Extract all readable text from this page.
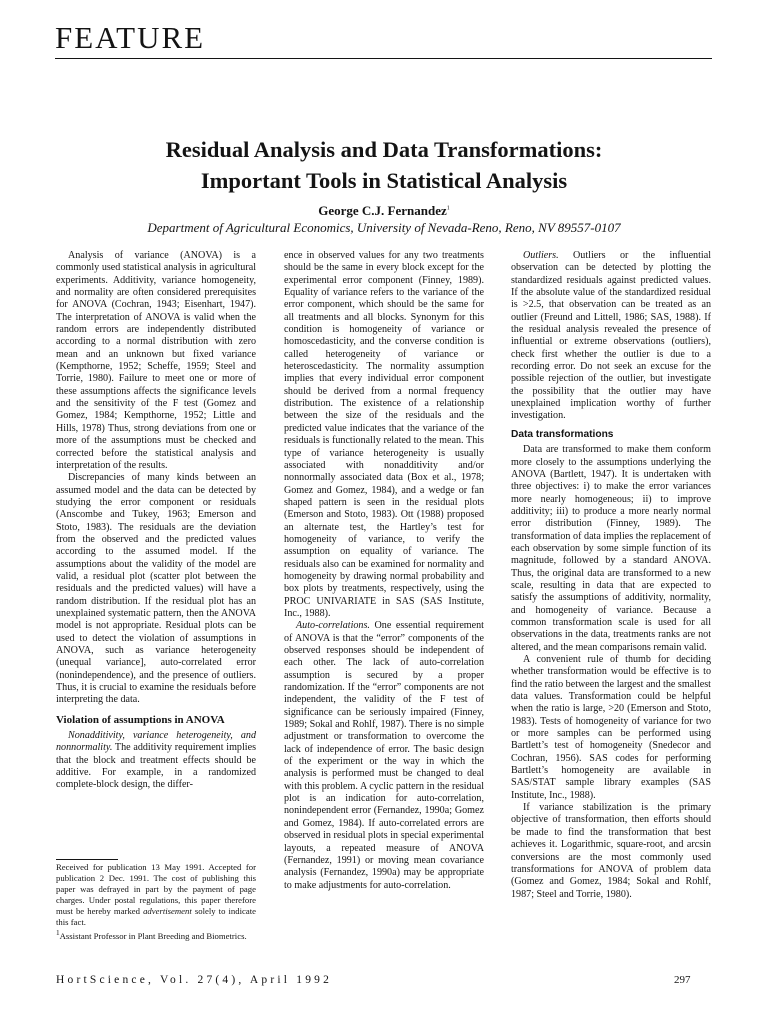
FEATURE
Residual Analysis and Data Transformations:
Important Tools in Statistical Analysis
George C.J. Fernandez$^1$
Department of Agricultural Economics, University of Nevada-Reno, Reno, NV 89557-0107

Analysis of variance (ANOVA) is a commonly used statistical analysis in agricultural experiments. Additivity, variance homogeneity, and normality are often considered prerequisites for ANOVA (Cochran, 1943; Eisenhart, 1947). The interpretation of ANOVA is valid when the random errors are independently distributed according to a normal distribution with zero mean and an unknown but fixed variance (Kempthorne, 1952; Scheffe, 1959; Steel and Torrie, 1980). Failure to meet one or more of these assumptions affects the significance levels and the sensitivity of the F test (Gomez and Gomez, 1984; Kempthorne, 1952; Little and Hills, 1978) Thus, strong deviations from one or more of the assumptions must be checked and corrected before the statistical analysis and interpretation of the results.

Discrepancies of many kinds between an assumed model and the data can be detected by studying the error component or residuals (Anscombe and Tukey, 1963; Emerson and Stoto, 1983). The residuals are the deviation from the observed and the predicted values according to the assumed model. If the assumptions about the validity of the model are valid, a residual plot (scatter plot between the residuals and the predicted values) will have a random distribution. If the residual plot has an unexplained systematic pattern, then the ANOVA model is not appropriate. Residual plots can be used to detect the violation of assumptions in ANOVA, such as variance heterogeneity (unequal variance], auto-correlated error (nonindependence), and the presence of outliers. Thus, it is crucial to examine the residuals before interpreting the data.

Violation of assumptions in ANOVA

Nonadditivity, variance heterogeneity, and nonnormality. The additivity requirement implies that the block and treatment effects should be additive. For example, in a randomized complete-block design, the differ-

ence in observed values for any two treatments should be the same in every block except for the experimental error component (Finney, 1989). Equality of variance refers to the variance of the error component, which should be the same for all treatments and all blocks. Synonym for this condition is homogeneity of variance or homoscedasticity, and the converse condition is called heterogeneity of variance or heteroscedasticity. The normality assumption implies that every individual error component should be derived from a normal frequency distribution. The existence of a relationship between the size of the residuals and the predicted value indicates that the variance of the residuals is functionally related to the mean. This type of variance heterogeneity is usually associated with nonadditivity and/or nonnormally associated data (Box et al., 1978; Gomez and Gomez, 1984), and a wedge or fan shaped pattern is seen in the residual plots (Emerson and Stoto, 1983). Ott (1988) proposed an alternate test, the Hartley’s test for homogeneity of variance, to verify the assumption on equality of variance. The residuals also can be examined for normality and homogeneity by drawing normal probability and box plots by treatments, respectively, using the PROC UNIVARIATE in SAS (SAS Institute, Inc., 1988).

Auto-correlations. One essential requirement of ANOVA is that the “error” components of the observed responses should be independent of each other. The lack of auto-correlation assumption is secured by a proper randomization. If the “error” components are not independent, the validity of the F test of significance can be seriously impaired (Finney, 1989; Sokal and Rohlf, 1987). There is no simple adjustment or transformation to overcome the lack of independence of error. The basic design of the experiment or the way in which the analysis is performed must be changed to deal with this problem. A cyclic pattern in the residual plot is an indication for auto-correlation, nonindependent error (Fernandez, 1990a; Gomez and Gomez, 1984). If auto-correlated errors are observed in residual plots in special experimental layouts, a repeated measure of ANOVA (Fernandez, 1991) or moving mean covariance analysis (Fernandez, 1990a) may be appropriate to make adjustments for auto-correlation.

Outliers. Outliers or the influential observation can be detected by plotting the standardized residuals against predicted values. If the absolute value of the standardized residual is >2.5, that observation can be treated as an outlier (Freund and Littell, 1986; SAS, 1988). If the residual analysis revealed the presence of influential or extreme observations (outliers), check first whether the outlier is due to a recording error. Do not seek an excuse for the possible rejection of the outlier, but investigate the possibility that the outlier may have unexplained implication worthy of further investigation.

Data transformations

Data are transformed to make them conform more closely to the assumptions underlying the ANOVA (Bartlett, 1947). It is undertaken with three objectives: i) to make the error variances more nearly homogeneous; ii) to improve additivity; iii) to produce a more nearly normal error distribution (Finney, 1989). The transformation of data implies the replacement of each observation by some simple function of its magnitude, followed by a standard ANOVA. Thus, the original data are transformed to a new scale, resulting in data that are expected to satisfy the assumptions of additivity, normality, and homogeneity of variance. Because a common transformation scale is used for all observations in the data, treatments ranks are not altered, and the mean comparisons remain valid.

A convenient rule of thumb for deciding whether transformation would be effective is to find the ratio between the largest and the smallest data values. Transformation could be helpful when the ratio is large, >20 (Emerson and Stoto, 1983). Tests of homogeneity of variance for two or more samples can be performed using Bartlett’s test of homogeneity (Snedecor and Cochran, 1956). SAS codes for performing Bartlett’s homogeneity are available in SAS/STAT sample library examples (SAS Institute, Inc., 1988).

If variance stabilization is the primary objective of transformation, then efforts should be made to find the transformation that best achieves it. Logarithmic, square-root, and arcsin conversions are the most commonly used transformations for ANOVA of problem data (Gomez and Gomez, 1984; Sokal and Rohlf, 1987; Steel and Torrie, 1980).

Received for publication 13 May 1991. Accepted for publication 2 Dec. 1991. The cost of publishing this paper was defrayed in part by the payment of page charges. Under postal regulations, this paper therefore must be hereby marked advertisement solely to indicate this fact.

$^1$Assistant Professor in Plant Breeding and Biometrics.

HortScience, Vol. 27(4), April 1992	297
